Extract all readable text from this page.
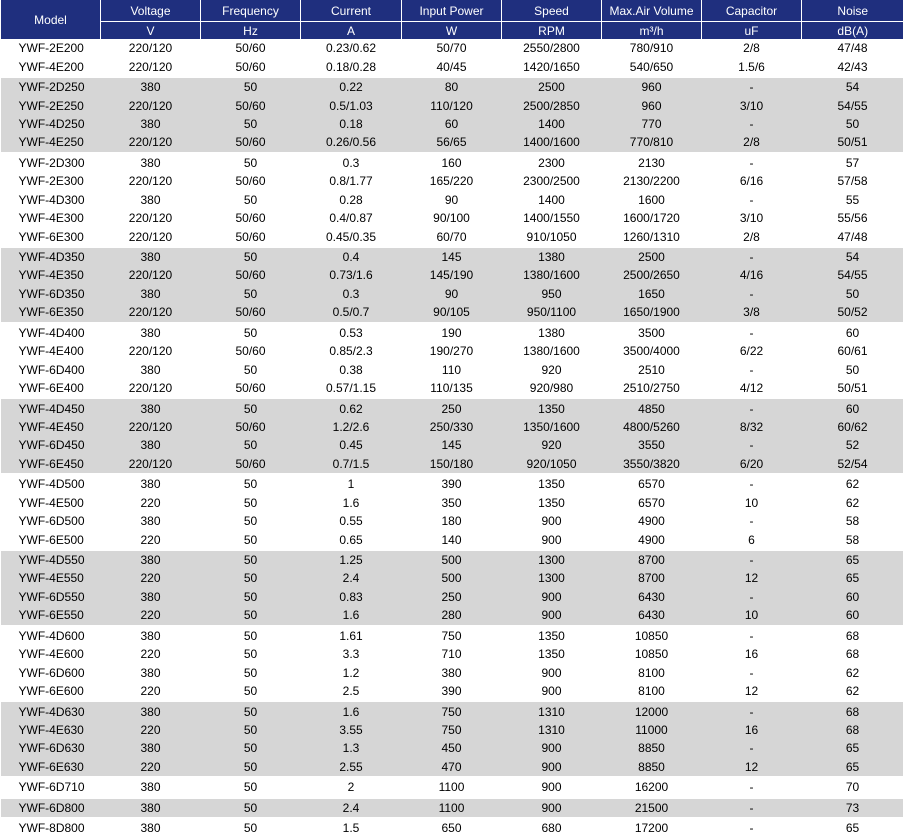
Model	Voltage	Frequency	Current	Input Power	Speed	Max.Air Volume	Capacitor	Noise
	V	Hz	A	W	RPM	m³/h	uF	dB(A)
YWF-2E200	220/120	50/60	0.23/0.62	50/70	2550/2800	780/910	2/8	47/48
YWF-4E200	220/120	50/60	0.18/0.28	40/45	1420/1650	540/650	1.5/6	42/43
YWF-2D250	380	50	0.22	80	2500	960	-	54
YWF-2E250	220/120	50/60	0.5/1.03	110/120	2500/2850	960	3/10	54/55
YWF-4D250	380	50	0.18	60	1400	770	-	50
YWF-4E250	220/120	50/60	0.26/0.56	56/65	1400/1600	770/810	2/8	50/51
YWF-2D300	380	50	0.3	160	2300	2130	-	57
YWF-2E300	220/120	50/60	0.8/1.77	165/220	2300/2500	2130/2200	6/16	57/58
YWF-4D300	380	50	0.28	90	1400	1600	-	55
YWF-4E300	220/120	50/60	0.4/0.87	90/100	1400/1550	1600/1720	3/10	55/56
YWF-6E300	220/120	50/60	0.45/0.35	60/70	910/1050	1260/1310	2/8	47/48
YWF-4D350	380	50	0.4	145	1380	2500	-	54
YWF-4E350	220/120	50/60	0.73/1.6	145/190	1380/1600	2500/2650	4/16	54/55
YWF-6D350	380	50	0.3	90	950	1650	-	50
YWF-6E350	220/120	50/60	0.5/0.7	90/105	950/1100	1650/1900	3/8	50/52
YWF-4D400	380	50	0.53	190	1380	3500	-	60
YWF-4E400	220/120	50/60	0.85/2.3	190/270	1380/1600	3500/4000	6/22	60/61
YWF-6D400	380	50	0.38	110	920	2510	-	50
YWF-6E400	220/120	50/60	0.57/1.15	110/135	920/980	2510/2750	4/12	50/51
YWF-4D450	380	50	0.62	250	1350	4850	-	60
YWF-4E450	220/120	50/60	1.2/2.6	250/330	1350/1600	4800/5260	8/32	60/62
YWF-6D450	380	50	0.45	145	920	3550	-	52
YWF-6E450	220/120	50/60	0.7/1.5	150/180	920/1050	3550/3820	6/20	52/54
YWF-4D500	380	50	1	390	1350	6570	-	62
YWF-4E500	220	50	1.6	350	1350	6570	10	62
YWF-6D500	380	50	0.55	180	900	4900	-	58
YWF-6E500	220	50	0.65	140	900	4900	6	58
YWF-4D550	380	50	1.25	500	1300	8700	-	65
YWF-4E550	220	50	2.4	500	1300	8700	12	65
YWF-6D550	380	50	0.83	250	900	6430	-	60
YWF-6E550	220	50	1.6	280	900	6430	10	60
YWF-4D600	380	50	1.61	750	1350	10850	-	68
YWF-4E600	220	50	3.3	710	1350	10850	16	68
YWF-6D600	380	50	1.2	380	900	8100	-	62
YWF-6E600	220	50	2.5	390	900	8100	12	62
YWF-4D630	380	50	1.6	750	1310	12000	-	68
YWF-4E630	220	50	3.55	750	1310	11000	16	68
YWF-6D630	380	50	1.3	450	900	8850	-	65
YWF-6E630	220	50	2.55	470	900	8850	12	65
YWF-6D710	380	50	2	1100	900	16200	-	70
YWF-6D800	380	50	2.4	1100	900	21500	-	73
YWF-8D800	380	50	1.5	650	680	17200	-	65
